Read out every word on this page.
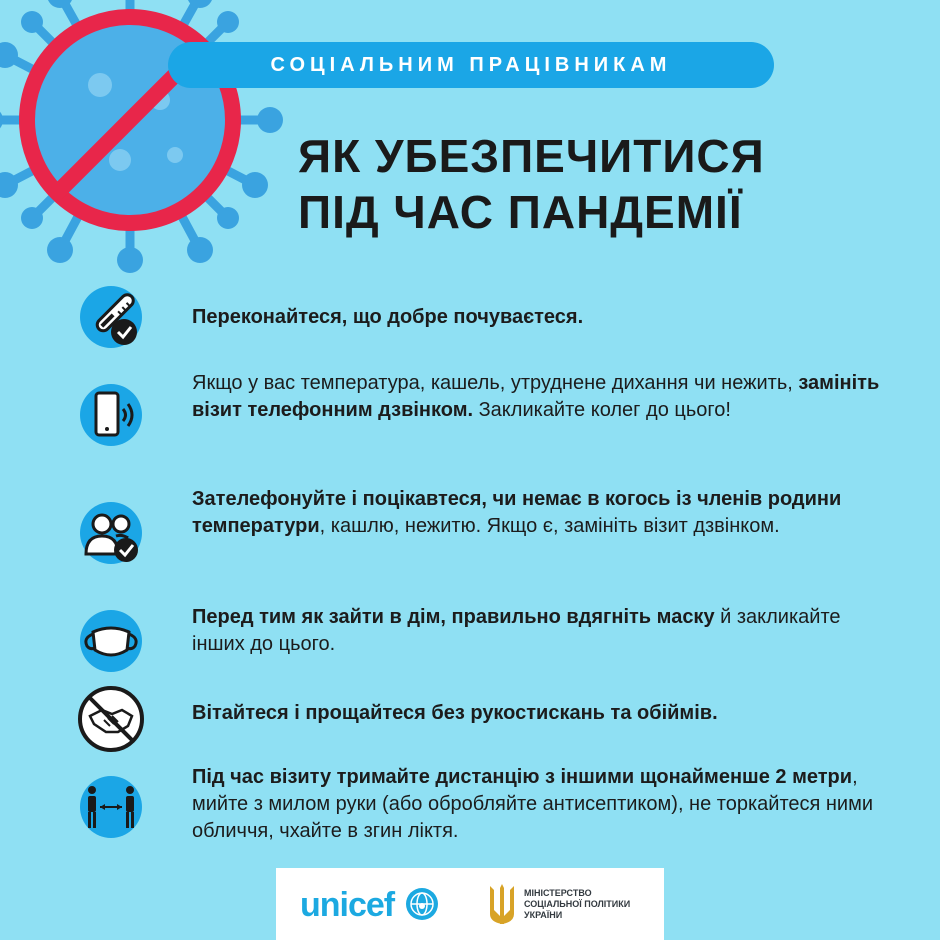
СОЦІАЛЬНИМ ПРАЦІВНИКАМ
ЯК УБЕЗПЕЧИТИСЯ
ПІД ЧАС ПАНДЕМІЇ
Переконайтеся, що добре почуваєтеся.
Якщо у вас температура, кашель, утруднене дихання чи нежить, замініть візит телефонним дзвінком. Закликайте колег до цього!
Зателефонуйте і поцікавтеся, чи немає в когось із членів родини температури, кашлю, нежитю. Якщо є, замініть візит дзвінком.
Перед тим як зайти в дім, правильно вдягніть маску й закликайте інших до цього.
Вітайтеся і прощайтеся без рукостискань та обіймів.
Під час візиту тримайте дистанцію з іншими щонайменше 2 метри, мийте з милом руки (або обробляйте антисептиком), не торкайтеся ними обличчя, чхайте в згин ліктя.
unicef	МІНІСТЕРСТВО
СОЦІАЛЬНОЇ ПОЛІТИКИ
УКРАЇНИ
